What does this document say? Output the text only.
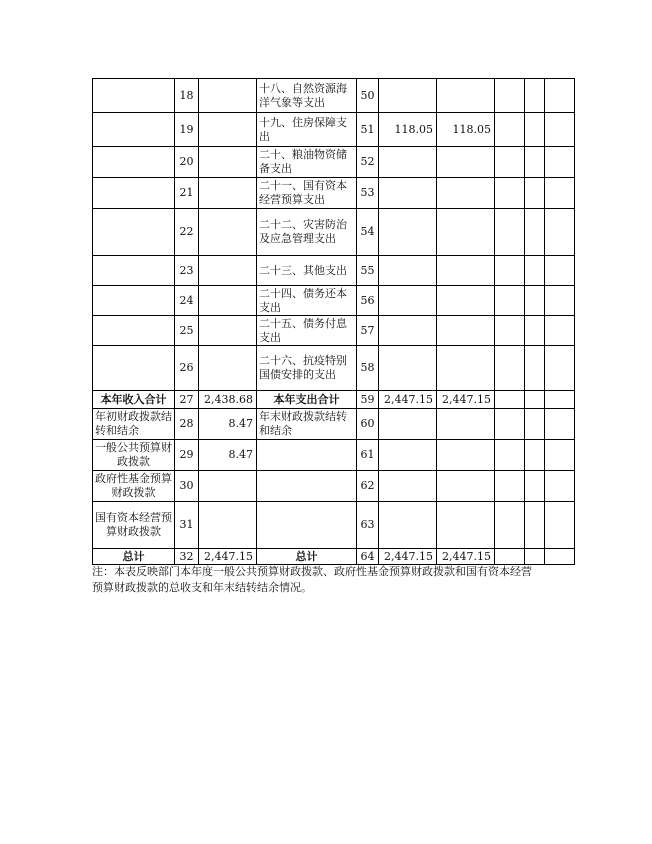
	18		十八、自然资源海洋气象等支出	50					
	19		十九、住房保障支出	51	118.05	118.05			
	20		二十、粮油物资储备支出	52					
	21		二十一、国有资本经营预算支出	53					
	22		二十二、灾害防治及应急管理支出	54					
	23		二十三、其他支出	55					
	24		二十四、债务还本支出	56					
	25		二十五、债务付息支出	57					
	26		二十六、抗疫特别国债安排的支出	58					
本年收入合计	27	2,438.68	本年支出合计	59	2,447.15	2,447.15			
年初财政拨款结转和结余	28	8.47	年末财政拨款结转和结余	60					
一般公共预算财政拨款	29	8.47		61					
政府性基金预算财政拨款	30			62					
国有资本经营预算财政拨款	31			63					
总计	32	2,447.15	总计	64	2,447.15	2,447.15			
注：本表反映部门本年度一般公共预算财政拨款、政府性基金预算财政拨款和国有资本经营
预算财政拨款的总收支和年末结转结余情况。
